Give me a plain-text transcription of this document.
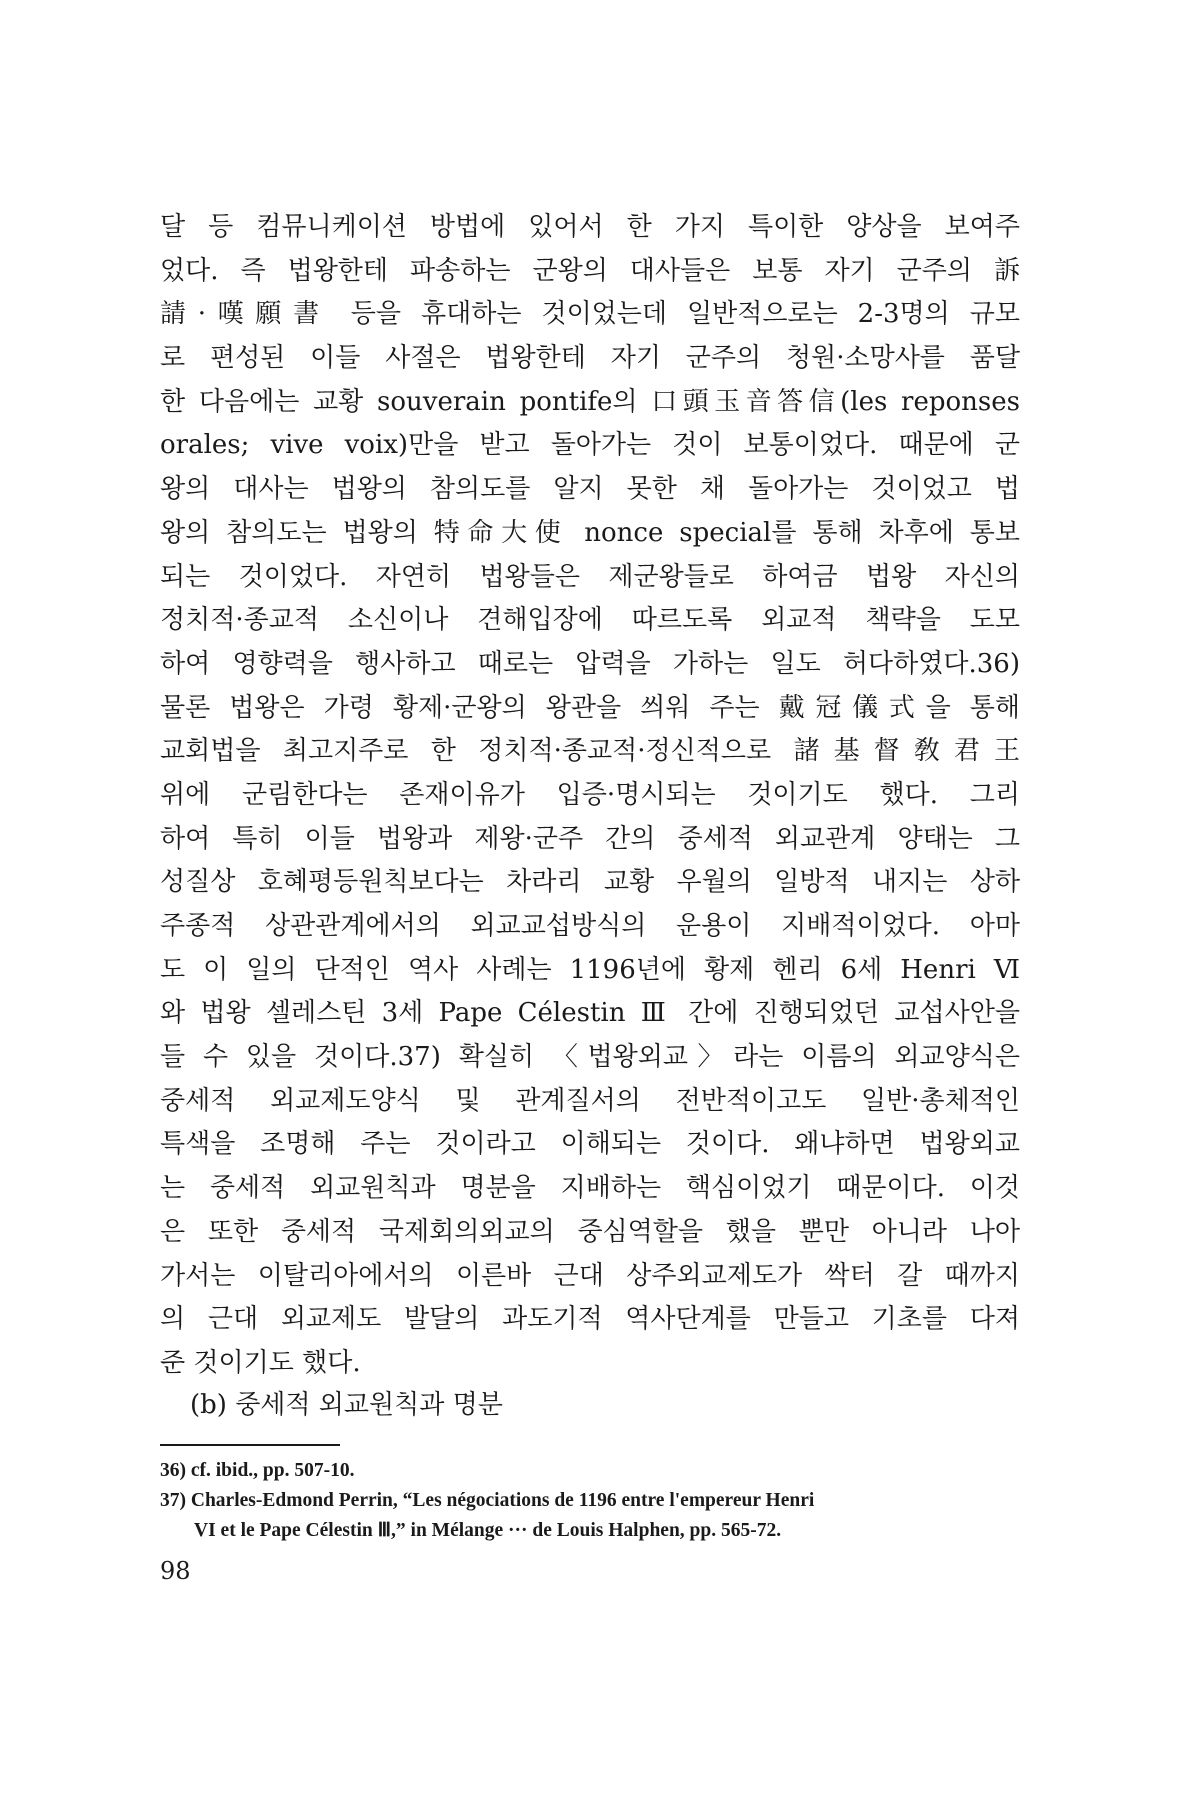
달 등 컴뮤니케이션 방법에 있어서 한 가지 특이한 양상을 보여주
었다. 즉 법왕한테 파송하는 군왕의 대사들은 보통 자기 군주의 訴
請·嘆願書 등을 휴대하는 것이었는데 일반적으로는 2-3명의 규모
로 편성된 이들 사절은 법왕한테 자기 군주의 청원·소망사를 품달
한 다음에는 교황 souverain pontife의 口頭玉音答信(les reponses
orales; vive voix)만을 받고 돌아가는 것이 보통이었다. 때문에 군
왕의 대사는 법왕의 참의도를 알지 못한 채 돌아가는 것이었고 법
왕의 참의도는 법왕의 特命大使 nonce special를 통해 차후에 통보
되는 것이었다. 자연히 법왕들은 제군왕들로 하여금 법왕 자신의
정치적·종교적 소신이나 견해입장에 따르도록 외교적 책략을 도모
하여 영향력을 행사하고 때로는 압력을 가하는 일도 허다하였다.36)
물론 법왕은 가령 황제·군왕의 왕관을 씌워 주는 戴冠儀式을 통해
교회법을 최고지주로 한 정치적·종교적·정신적으로 諸基督敎君王
위에 군림한다는 존재이유가 입증·명시되는 것이기도 했다. 그리
하여 특히 이들 법왕과 제왕·군주 간의 중세적 외교관계 양태는 그
성질상 호혜평등원칙보다는 차라리 교황 우월의 일방적 내지는 상하
주종적 상관관계에서의 외교교섭방식의 운용이 지배적이었다. 아마
도 이 일의 단적인 역사 사례는 1196년에 황제 헨리 6세 Henri Ⅵ
와 법왕 셀레스틴 3세 Pape Célestin Ⅲ 간에 진행되었던 교섭사안을
들 수 있을 것이다.37) 확실히 〈법왕외교〉라는 이름의 외교양식은
중세적 외교제도양식 및 관계질서의 전반적이고도 일반·총체적인
특색을 조명해 주는 것이라고 이해되는 것이다. 왜냐하면 법왕외교
는 중세적 외교원칙과 명분을 지배하는 핵심이었기 때문이다. 이것
은 또한 중세적 국제회의외교의 중심역할을 했을 뿐만 아니라 나아
가서는 이탈리아에서의 이른바 근대 상주외교제도가 싹터 갈 때까지
의 근대 외교제도 발달의 과도기적 역사단계를 만들고 기초를 다져
준 것이기도 했다.
(b) 중세적 외교원칙과 명분
36) cf. ibid., pp. 507-10.
37) Charles-Edmond Perrin, “Les négociations de 1196 entre l'empereur Henri
VI et le Pape Célestin Ⅲ,” in Mélange ··· de Louis Halphen, pp. 565-72.
98
